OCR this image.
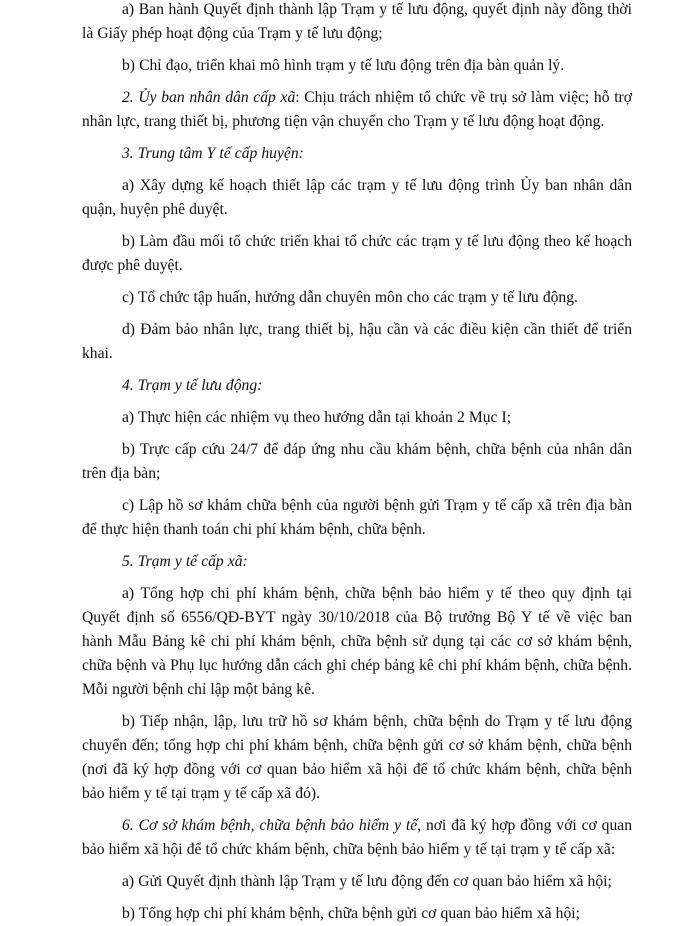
a) Ban hành Quyết định thành lập Trạm y tế lưu động, quyết định này đồng thời là Giấy phép hoạt động của Trạm y tế lưu động;

b) Chỉ đạo, triển khai mô hình trạm y tế lưu động trên địa bàn quản lý.

2. Ủy ban nhân dân cấp xã: Chịu trách nhiệm tổ chức về trụ sở làm việc; hỗ trợ nhân lực, trang thiết bị, phương tiện vận chuyển cho Trạm y tế lưu động hoạt động.

3. Trung tâm Y tế cấp huyện:

a) Xây dựng kế hoạch thiết lập các trạm y tế lưu động trình Ủy ban nhân dân quận, huyện phê duyệt.

b) Làm đầu mối tổ chức triển khai tổ chức các trạm y tế lưu động theo kế hoạch được phê duyệt.

c) Tổ chức tập huấn, hướng dẫn chuyên môn cho các trạm y tế lưu động.

d) Đảm bảo nhân lực, trang thiết bị, hậu cần và các điều kiện cần thiết để triển khai.

4. Trạm y tế lưu động:

a) Thực hiện các nhiệm vụ theo hướng dẫn tại khoản 2 Mục I;

b) Trực cấp cứu 24/7 để đáp ứng nhu cầu khám bệnh, chữa bệnh của nhân dân trên địa bàn;

c) Lập hồ sơ khám chữa bệnh của người bệnh gửi Trạm y tế cấp xã trên địa bàn để thực hiện thanh toán chi phí khám bệnh, chữa bệnh.

5. Trạm y tế cấp xã:

a) Tổng hợp chi phí khám bệnh, chữa bệnh bảo hiểm y tế theo quy định tại Quyết định số 6556/QĐ-BYT ngày 30/10/2018 của Bộ trưởng Bộ Y tế về việc ban hành Mẫu Bảng kê chi phí khám bệnh, chữa bệnh sử dụng tại các cơ sở khám bệnh, chữa bệnh và Phụ lục hướng dẫn cách ghi chép bảng kê chi phí khám bệnh, chữa bệnh. Mỗi người bệnh chỉ lập một bảng kê.

b) Tiếp nhận, lập, lưu trữ hồ sơ khám bệnh, chữa bệnh do Trạm y tế lưu động chuyển đến; tổng hợp chi phí khám bệnh, chữa bệnh gửi cơ sở khám bệnh, chữa bệnh (nơi đã ký hợp đồng với cơ quan bảo hiểm xã hội để tổ chức khám bệnh, chữa bệnh bảo hiểm y tế tại trạm y tế cấp xã đó).

6. Cơ sở khám bệnh, chữa bệnh bảo hiểm y tế, nơi đã ký hợp đồng với cơ quan bảo hiểm xã hội để tổ chức khám bệnh, chữa bệnh bảo hiểm y tế tại trạm y tế cấp xã:

a) Gửi Quyết định thành lập Trạm y tế lưu động đến cơ quan bảo hiểm xã hội;

b) Tổng hợp chi phí khám bệnh, chữa bệnh gửi cơ quan bảo hiểm xã hội;
